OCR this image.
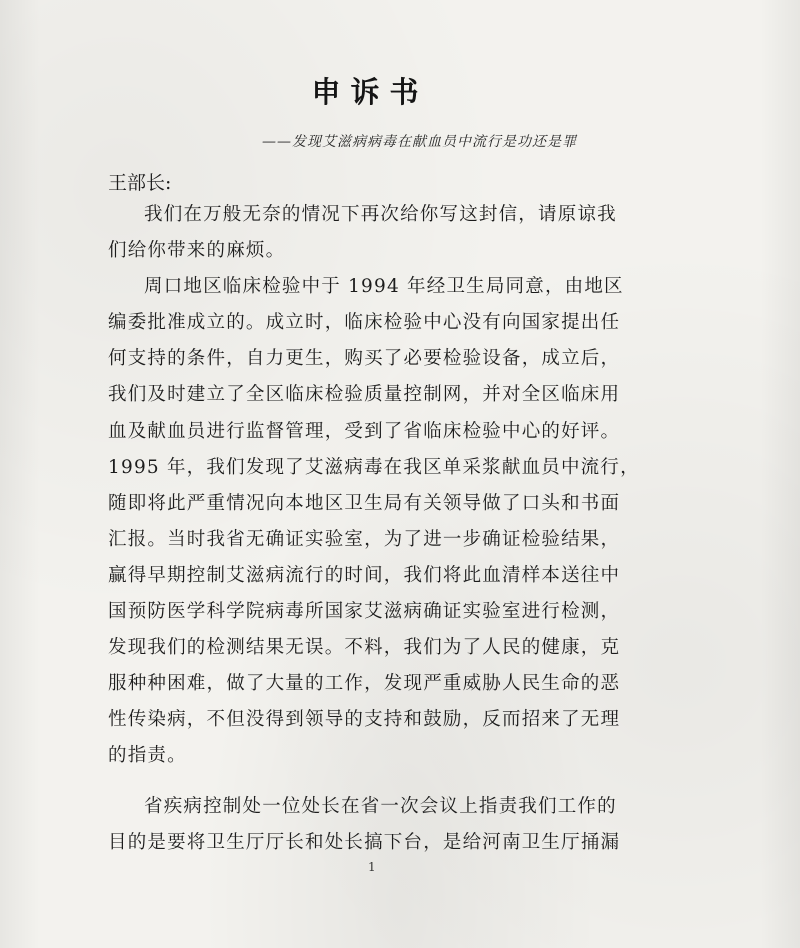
申诉书
——发现艾滋病病毒在献血员中流行是功还是罪
王部长:
我们在万般无奈的情况下再次给你写这封信，请原谅我
们给你带来的麻烦。
周口地区临床检验中于 1994 年经卫生局同意，由地区
编委批准成立的。成立时，临床检验中心没有向国家提出任
何支持的条件，自力更生，购买了必要检验设备，成立后，
我们及时建立了全区临床检验质量控制网，并对全区临床用
血及献血员进行监督管理，受到了省临床检验中心的好评。
1995 年，我们发现了艾滋病毒在我区单采浆献血员中流行，
随即将此严重情况向本地区卫生局有关领导做了口头和书面
汇报。当时我省无确证实验室，为了进一步确证检验结果，
赢得早期控制艾滋病流行的时间，我们将此血清样本送往中
国预防医学科学院病毒所国家艾滋病确证实验室进行检测，
发现我们的检测结果无误。不料，我们为了人民的健康，克
服种种困难，做了大量的工作，发现严重威胁人民生命的恶
性传染病，不但没得到领导的支持和鼓励，反而招来了无理
的指责。
省疾病控制处一位处长在省一次会议上指责我们工作的
目的是要将卫生厅厅长和处长搞下台，是给河南卫生厅捅漏
1
